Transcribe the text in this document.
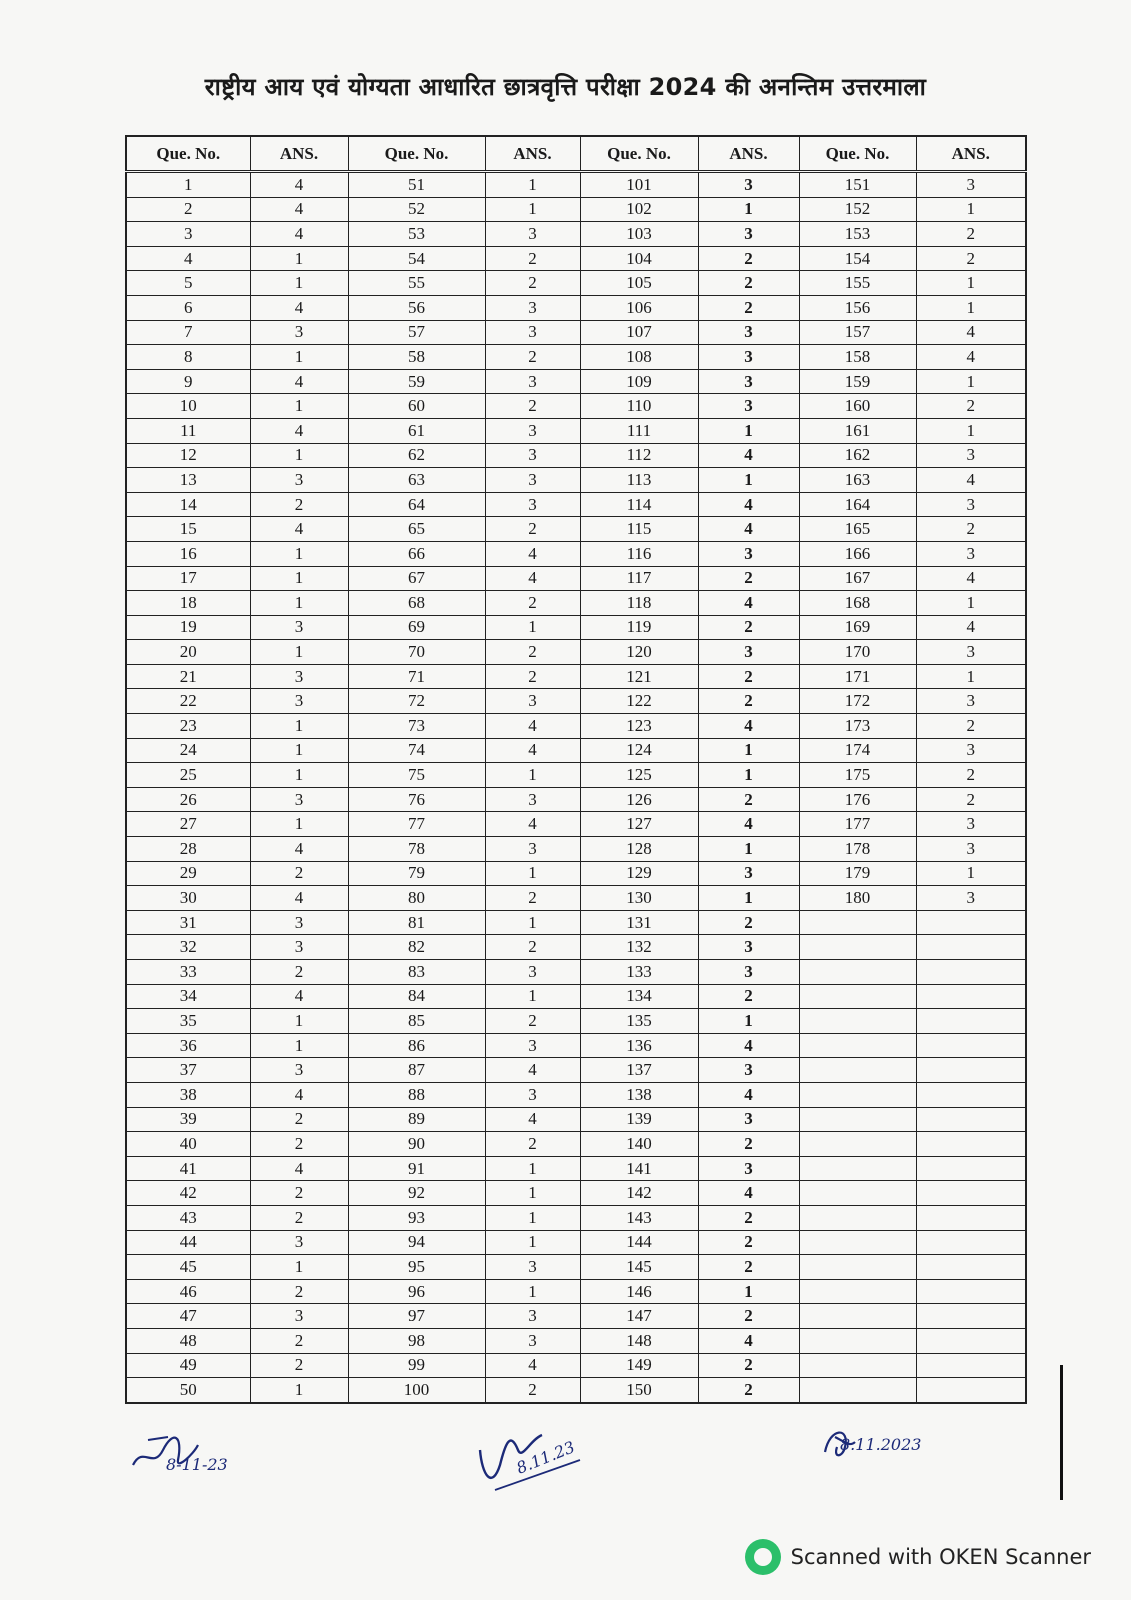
राष्ट्रीय आय एवं योग्यता आधारित छात्रवृत्ति परीक्षा 2024 की अनन्तिम उत्तरमाला
Que. No.	ANS.	Que. No.	ANS.	Que. No.	ANS.	Que. No.	ANS.
1	4	51	1	101	3	151	3
2	4	52	1	102	1	152	1
3	4	53	3	103	3	153	2
4	1	54	2	104	2	154	2
5	1	55	2	105	2	155	1
6	4	56	3	106	2	156	1
7	3	57	3	107	3	157	4
8	1	58	2	108	3	158	4
9	4	59	3	109	3	159	1
10	1	60	2	110	3	160	2
11	4	61	3	111	1	161	1
12	1	62	3	112	4	162	3
13	3	63	3	113	1	163	4
14	2	64	3	114	4	164	3
15	4	65	2	115	4	165	2
16	1	66	4	116	3	166	3
17	1	67	4	117	2	167	4
18	1	68	2	118	4	168	1
19	3	69	1	119	2	169	4
20	1	70	2	120	3	170	3
21	3	71	2	121	2	171	1
22	3	72	3	122	2	172	3
23	1	73	4	123	4	173	2
24	1	74	4	124	1	174	3
25	1	75	1	125	1	175	2
26	3	76	3	126	2	176	2
27	1	77	4	127	4	177	3
28	4	78	3	128	1	178	3
29	2	79	1	129	3	179	1
30	4	80	2	130	1	180	3
31	3	81	1	131	2		
32	3	82	2	132	3		
33	2	83	3	133	3		
34	4	84	1	134	2		
35	1	85	2	135	1		
36	1	86	3	136	4		
37	3	87	4	137	3		
38	4	88	3	138	4		
39	2	89	4	139	3		
40	2	90	2	140	2		
41	4	91	1	141	3		
42	2	92	1	142	4		
43	2	93	1	143	2		
44	3	94	1	144	2		
45	1	95	3	145	2		
46	2	96	1	146	1		
47	3	97	3	147	2		
48	2	98	3	148	4		
49	2	99	4	149	2		
50	1	100	2	150	2		
8-11-23	8.11.23	8.11.2023
Scanned with OKEN Scanner
